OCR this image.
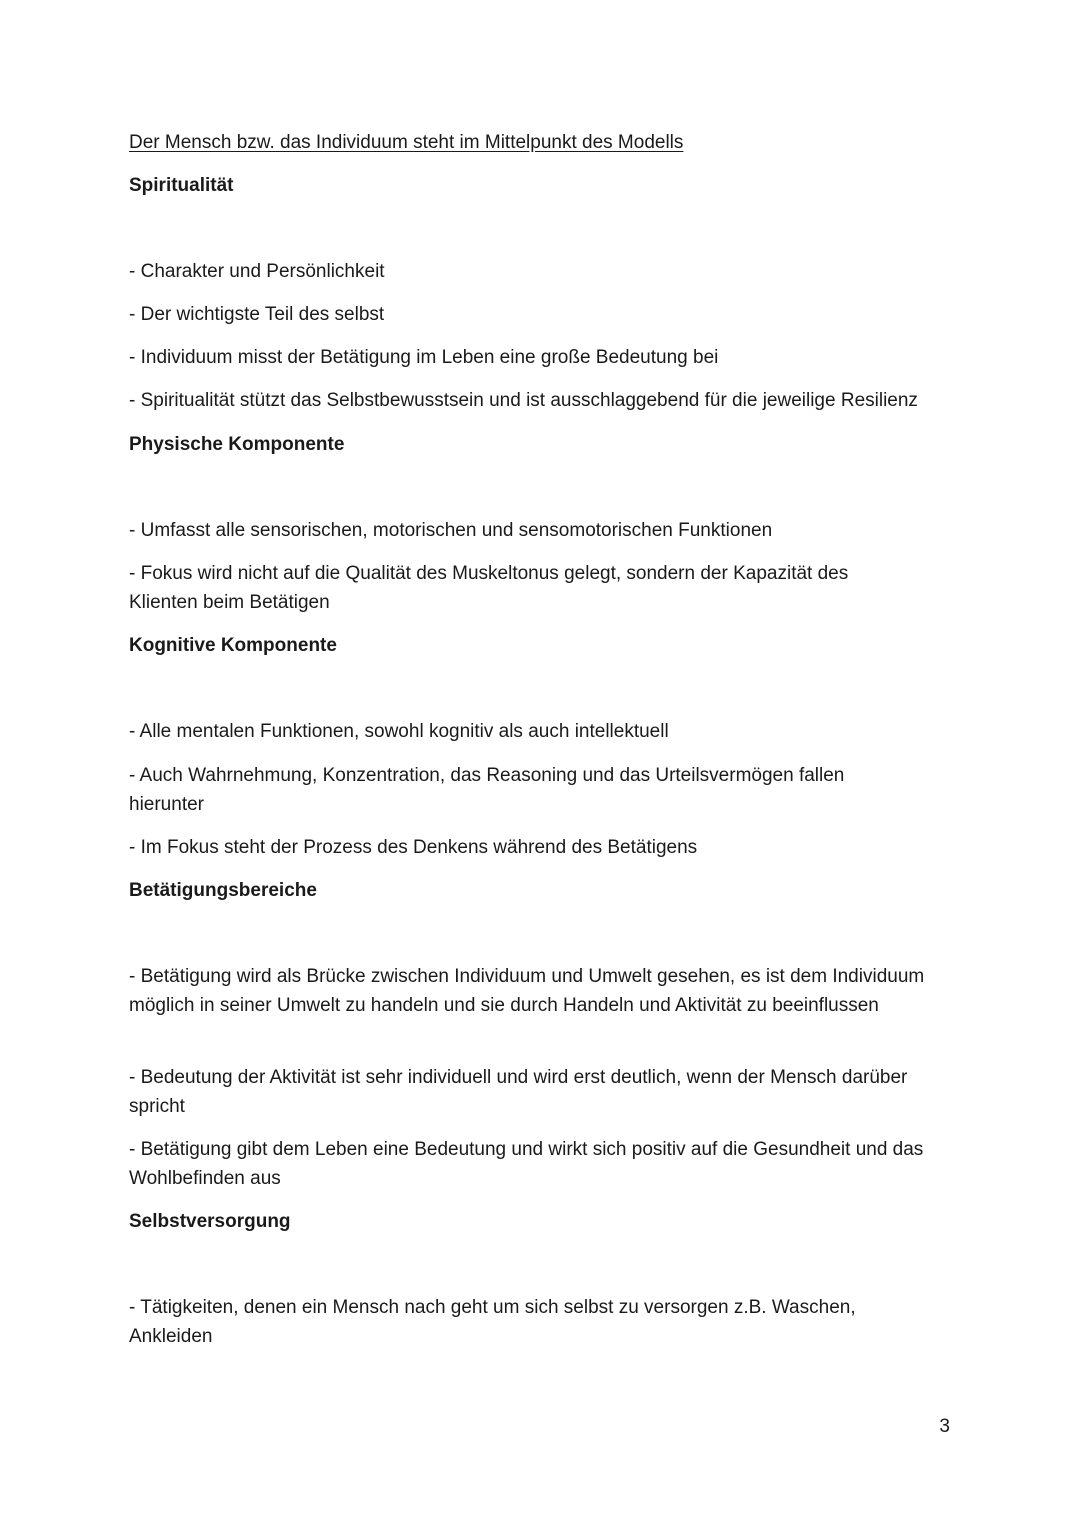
Der Mensch bzw. das Individuum steht im Mittelpunkt des Modells
Spiritualität
- Charakter und Persönlichkeit
- Der wichtigste Teil des selbst
- Individuum misst der Betätigung im Leben eine große Bedeutung bei
- Spiritualität stützt das Selbstbewusstsein und ist ausschlaggebend für die jeweilige Resilienz
Physische Komponente
- Umfasst alle sensorischen, motorischen und sensomotorischen Funktionen
- Fokus wird nicht auf die Qualität des Muskeltonus gelegt, sondern der Kapazität des Klienten beim Betätigen
Kognitive Komponente
- Alle mentalen Funktionen, sowohl kognitiv als auch intellektuell
- Auch Wahrnehmung, Konzentration, das Reasoning und das Urteilsvermögen fallen hierunter
- Im Fokus steht der Prozess des Denkens während des Betätigens
Betätigungsbereiche
- Betätigung wird als Brücke zwischen Individuum und Umwelt gesehen, es ist dem Individuum möglich in seiner Umwelt zu handeln und sie durch Handeln und Aktivität zu beeinflussen
- Bedeutung der Aktivität ist sehr individuell und wird erst deutlich, wenn der Mensch darüber spricht
- Betätigung gibt dem Leben eine Bedeutung und wirkt sich positiv auf die Gesundheit und das Wohlbefinden aus
Selbstversorgung
- Tätigkeiten, denen ein Mensch nach geht um sich selbst zu versorgen z.B. Waschen, Ankleiden
3
